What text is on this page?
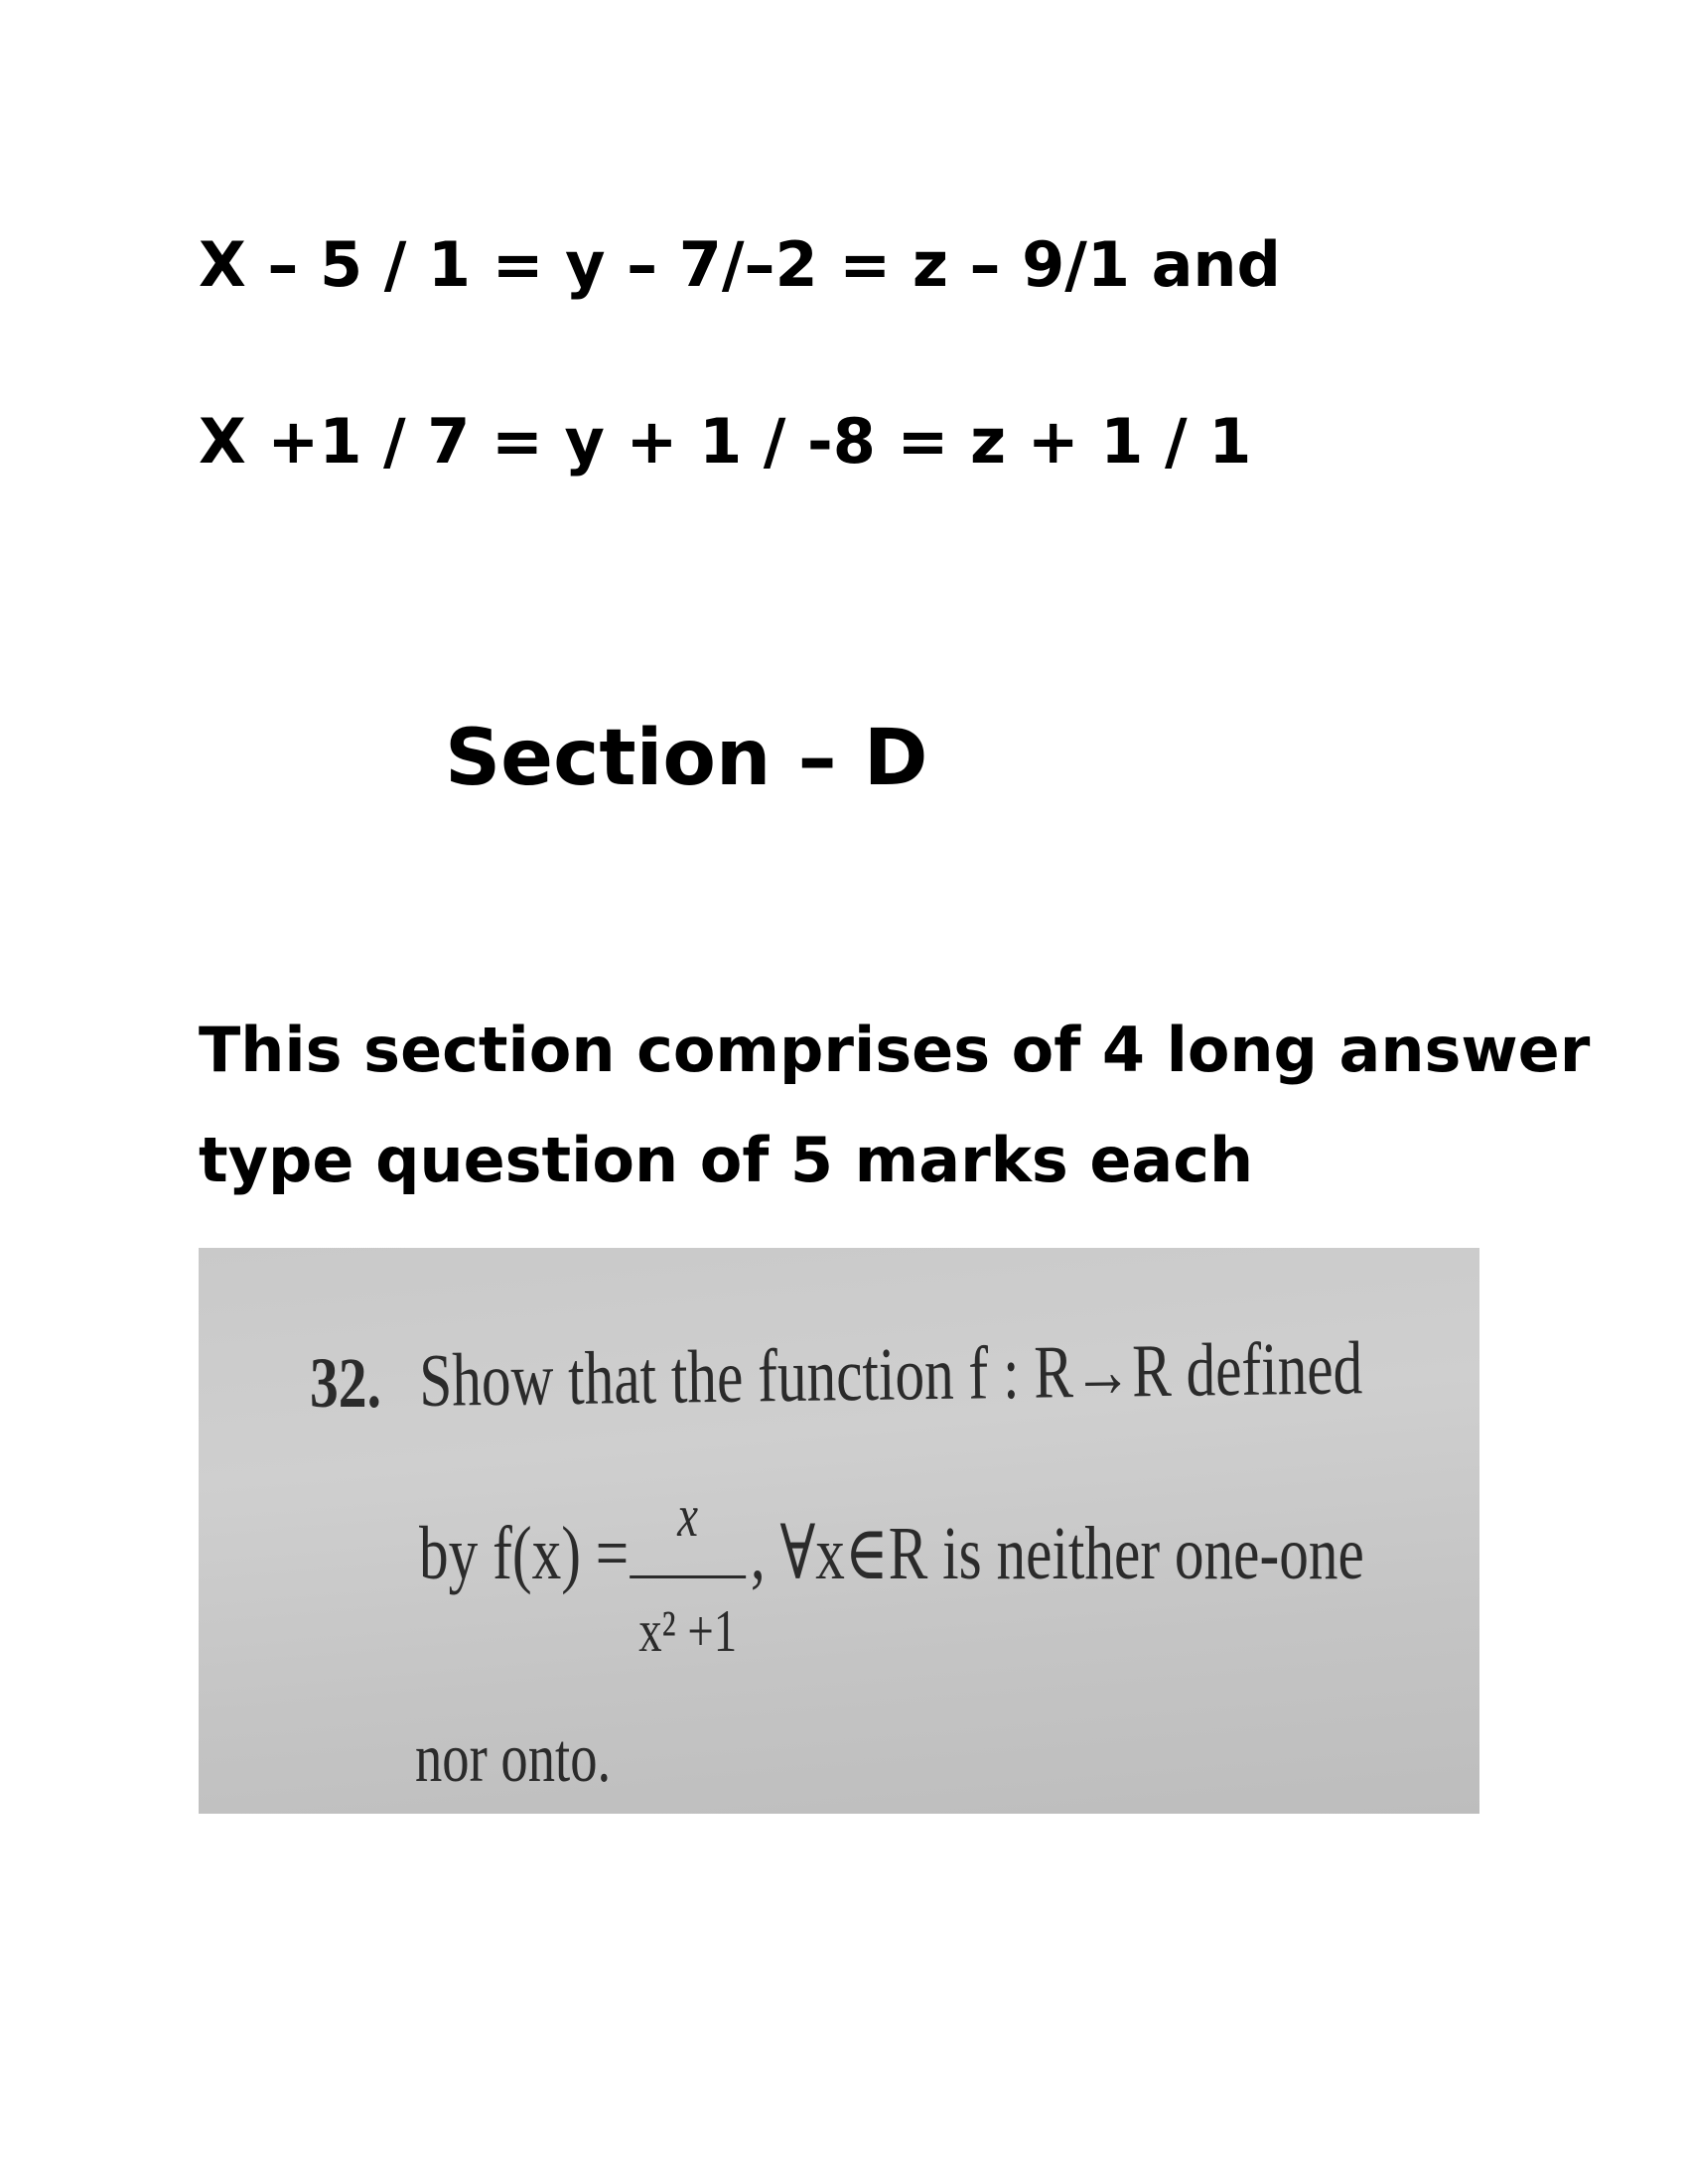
X – 5 / 1 = y – 7/–2 = z – 9/1 and
X +1 / 7 = y + 1 / -8 = z + 1 / 1
Section – D
This section comprises of 4 long answer
type question of 5 marks each
32. Show that the function f : R→R defined
by f(x) = x
x² +1
, ∀x∈R is neither one-one
nor onto.
